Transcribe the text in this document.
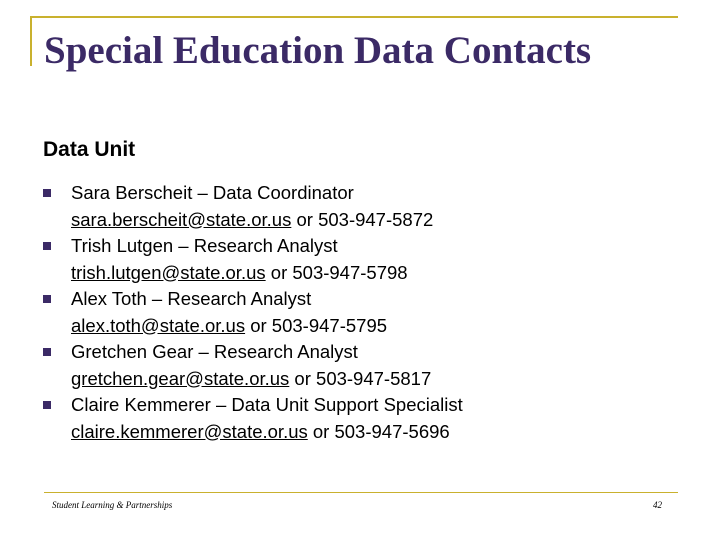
Special Education Data Contacts
Data Unit
Sara Berscheit – Data Coordinator
sara.berscheit@state.or.us or 503-947-5872
Trish Lutgen – Research Analyst
trish.lutgen@state.or.us or 503-947-5798
Alex Toth – Research Analyst
alex.toth@state.or.us or 503-947-5795
Gretchen Gear – Research Analyst
gretchen.gear@state.or.us or 503-947-5817
Claire Kemmerer – Data Unit Support Specialist
claire.kemmerer@state.or.us or 503-947-5696
Student Learning & Partnerships	42
